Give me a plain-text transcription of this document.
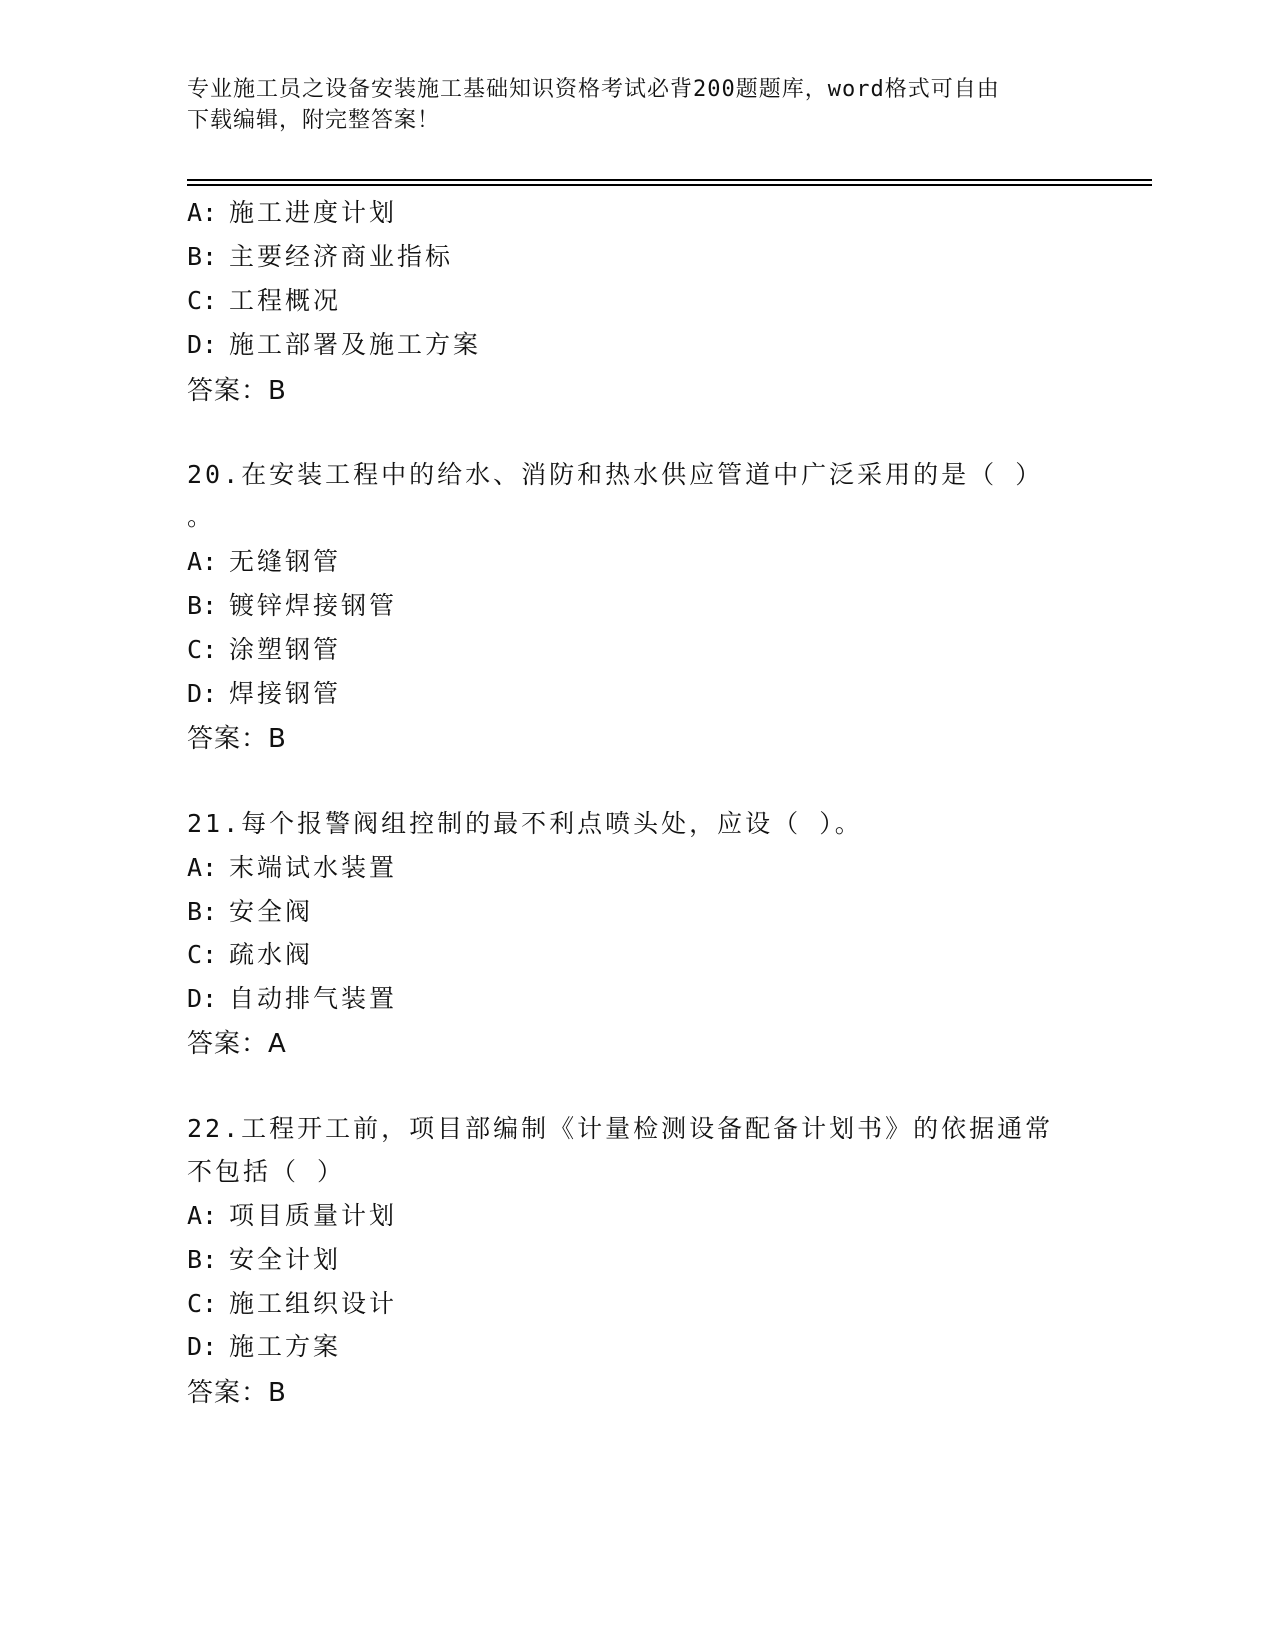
专业施工员之设备安装施工基础知识资格考试必背200题题库，word格式可自由
下载编辑，附完整答案！
A: 施工进度计划
B: 主要经济商业指标
C: 工程概况
D: 施工部署及施工方案
答案：B
20.在安装工程中的给水、消防和热水供应管道中广泛采用的是（ ）
。
A: 无缝钢管
B: 镀锌焊接钢管
C: 涂塑钢管
D: 焊接钢管
答案：B
21.每个报警阀组控制的最不利点喷头处，应设（ ）。
A: 末端试水装置
B: 安全阀
C: 疏水阀
D: 自动排气装置
答案：A
22.工程开工前，项目部编制《计量检测设备配备计划书》的依据通常
不包括（ ）
A: 项目质量计划
B: 安全计划
C: 施工组织设计
D: 施工方案
答案：B
